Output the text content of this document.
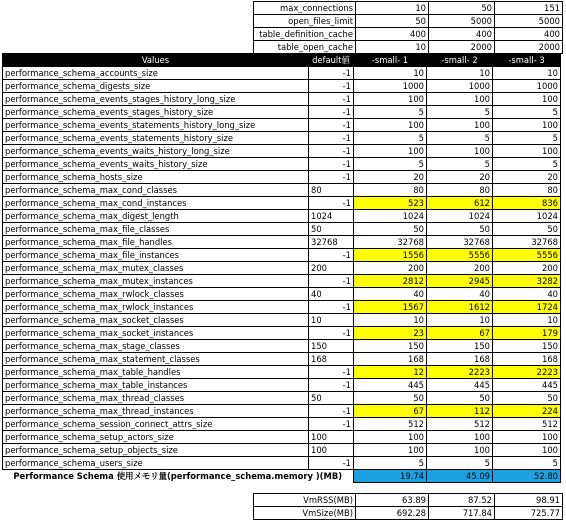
max_connections	10	50	151
open_files_limit	50	5000	5000
table_definition_cache	400	400	400
table_open_cache	10	2000	2000
Values	default値	-small- 1	-small- 2	-small- 3
performance_schema_accounts_size	-1	10	10	10
performance_schema_digests_size	-1	1000	1000	1000
performance_schema_events_stages_history_long_size	-1	100	100	100
performance_schema_events_stages_history_size	-1	5	5	5
performance_schema_events_statements_history_long_size	-1	100	100	100
performance_schema_events_statements_history_size	-1	5	5	5
performance_schema_events_waits_history_long_size	-1	100	100	100
performance_schema_events_waits_history_size	-1	5	5	5
performance_schema_hosts_size	-1	20	20	20
performance_schema_max_cond_classes	80	80	80	80
performance_schema_max_cond_instances	-1	523	612	836
performance_schema_max_digest_length	1024	1024	1024	1024
performance_schema_max_file_classes	50	50	50	50
performance_schema_max_file_handles	32768	32768	32768	32768
performance_schema_max_file_instances	-1	1556	5556	5556
performance_schema_max_mutex_classes	200	200	200	200
performance_schema_max_mutex_instances	-1	2812	2945	3282
performance_schema_max_rwlock_classes	40	40	40	40
performance_schema_max_rwlock_instances	-1	1567	1612	1724
performance_schema_max_socket_classes	10	10	10	10
performance_schema_max_socket_instances	-1	23	67	179
performance_schema_max_stage_classes	150	150	150	150
performance_schema_max_statement_classes	168	168	168	168
performance_schema_max_table_handles	-1	12	2223	2223
performance_schema_max_table_instances	-1	445	445	445
performance_schema_max_thread_classes	50	50	50	50
performance_schema_max_thread_instances	-1	67	112	224
performance_schema_session_connect_attrs_size	-1	512	512	512
performance_schema_setup_actors_size	100	100	100	100
performance_schema_setup_objects_size	100	100	100	100
performance_schema_users_size	-1	5	5	5
Performance Schema 使用メモリ量(performance_schema.memory )(MB)		19.74	45.09	52.80
VmRSS(MB)	63.89	87.52	98.91
VmSize(MB)	692.28	717.84	725.77
